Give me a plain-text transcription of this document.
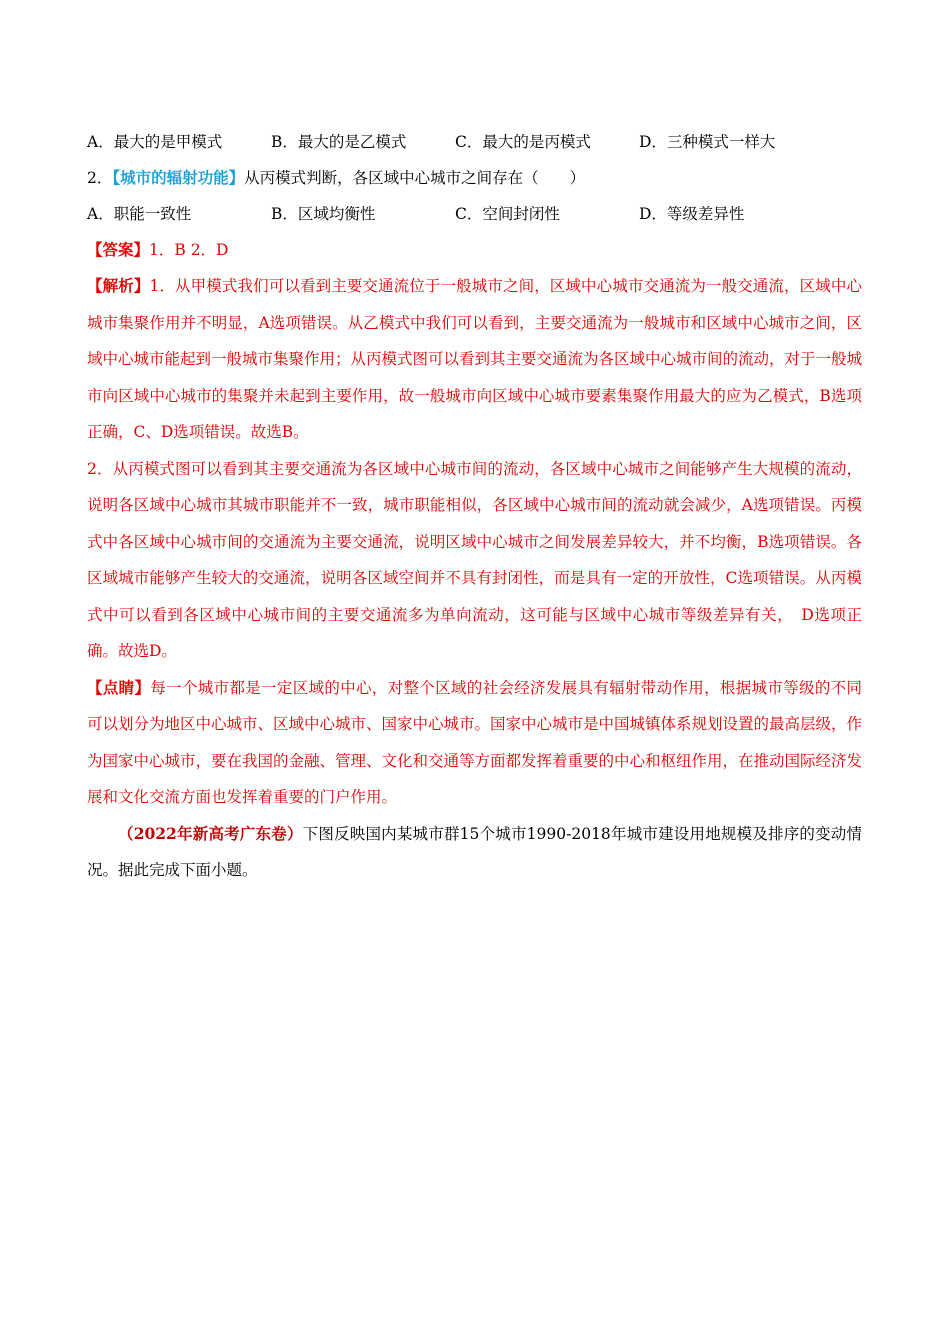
A．最大的是甲模式	B．最大的是乙模式	C．最大的是丙模式	D．三种模式一样大
2．【城市的辐射功能】从丙模式判断，各区域中心城市之间存在（　　）
A．职能一致性	B．区域均衡性	C．空间封闭性	D．等级差异性
【答案】1．B 2．D
【解析】1．从甲模式我们可以看到主要交通流位于一般城市之间，区域中心城市交通流为一般交通流，区域中心城市集聚作用并不明显，A选项错误。从乙模式中我们可以看到，主要交通流为一般城市和区域中心城市之间，区域中心城市能起到一般城市集聚作用；从丙模式图可以看到其主要交通流为各区域中心城市间的流动，对于一般城市向区域中心城市的集聚并未起到主要作用，故一般城市向区域中心城市要素集聚作用最大的应为乙模式，B选项正确，C、D选项错误。故选B。
2．从丙模式图可以看到其主要交通流为各区域中心城市间的流动，各区域中心城市之间能够产生大规模的流动，说明各区域中心城市其城市职能并不一致，城市职能相似，各区域中心城市间的流动就会减少，A选项错误。丙模式中各区域中心城市间的交通流为主要交通流，说明区域中心城市之间发展差异较大，并不均衡，B选项错误。各区域城市能够产生较大的交通流，说明各区域空间并不具有封闭性，而是具有一定的开放性，C选项错误。从丙模式中可以看到各区域中心城市间的主要交通流多为单向流动，这可能与区域中心城市等级差异有关，　D选项正确。故选D。
【点睛】每一个城市都是一定区域的中心，对整个区域的社会经济发展具有辐射带动作用，根据城市等级的不同可以划分为地区中心城市、区域中心城市、国家中心城市。国家中心城市是中国城镇体系规划设置的最高层级，作为国家中心城市，要在我国的金融、管理、文化和交通等方面都发挥着重要的中心和枢纽作用，在推动国际经济发展和文化交流方面也发挥着重要的门户作用。
（2022年新高考广东卷）下图反映国内某城市群15个城市1990-2018年城市建设用地规模及排序的变动情况。据此完成下面小题。
